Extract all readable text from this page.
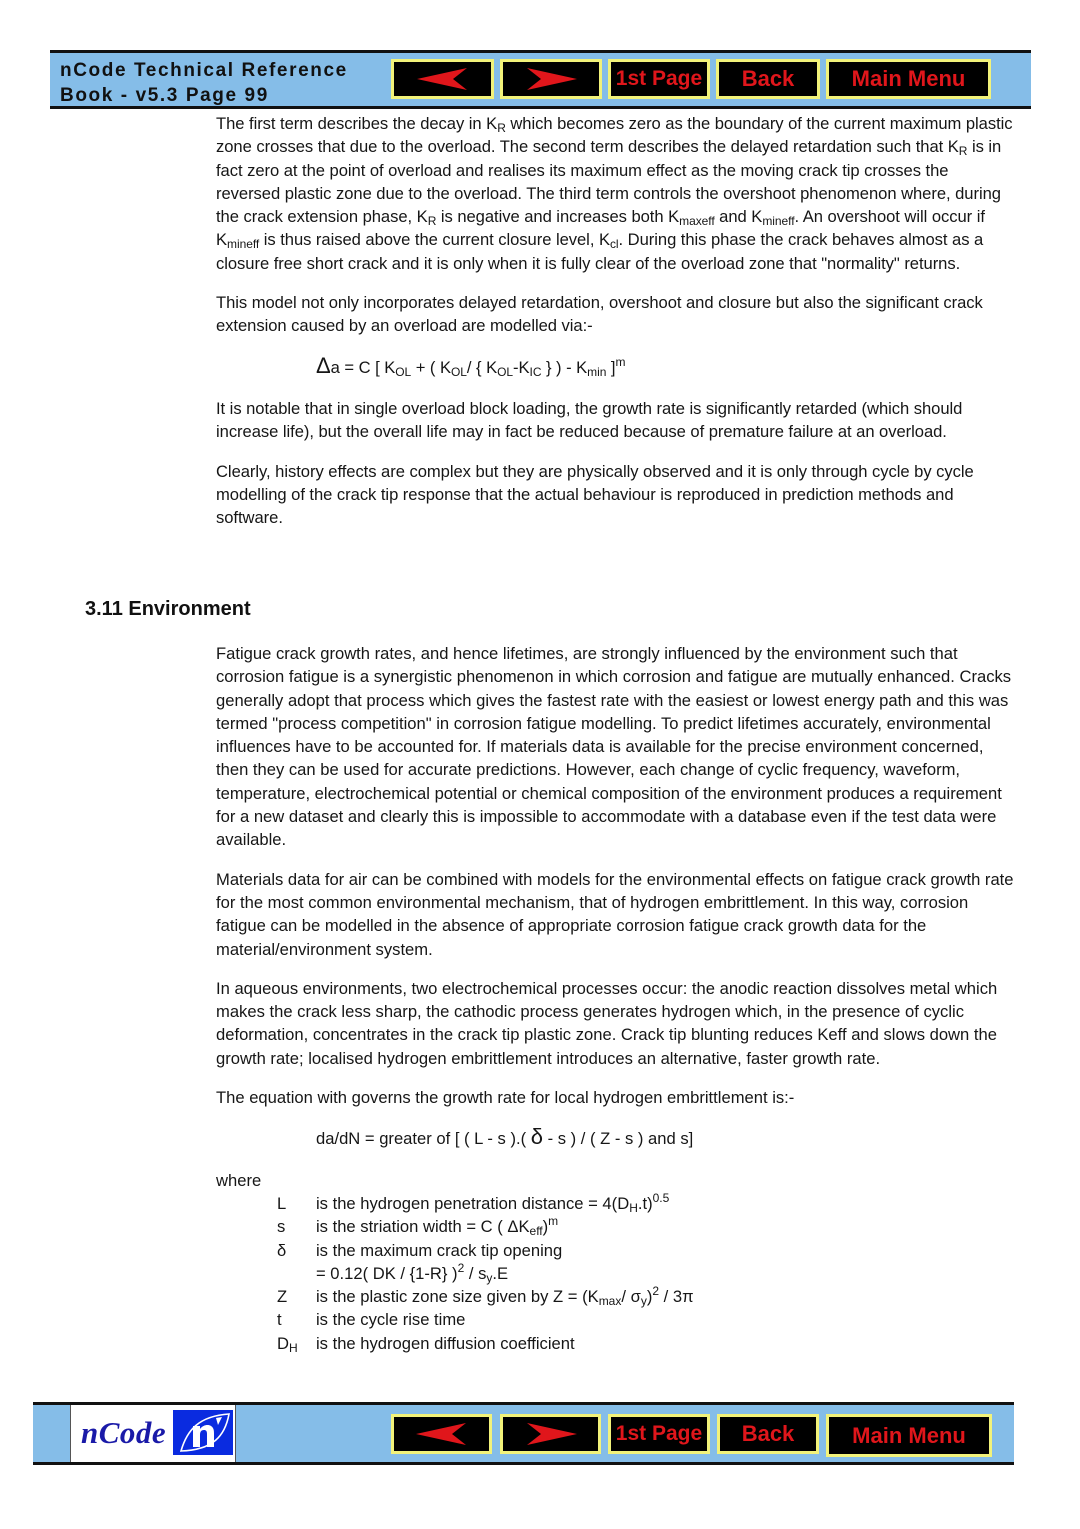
nCode Technical Reference
Book - v5.3 Page 99
1st Page	Back	Main Menu

The first term describes the decay in $K_R$ which becomes zero as the boundary of the current maximum plastic zone crosses that due to the overload. The second term describes the delayed retardation such that $K_R$ is in fact zero at the point of overload and realises its maximum effect as the moving crack tip crosses the reversed plastic zone due to the overload. The third term controls the overshoot phenomenon where, during the crack extension phase, $K_R$ is negative and increases both $K_{maxeff}$ and $K_{mineff}$. An overshoot will occur if $K_{mineff}$ is thus raised above the current closure level, $K_{cl}$. During this phase the crack behaves almost as a closure free short crack and it is only when it is fully clear of the overload zone that "normality" returns.

This model not only incorporates delayed retardation, overshoot and closure but also the significant crack extension caused by an overload are modelled via:-

Δa = C [ $K_{OL}$ + ( $K_{OL}/$ { $K_{OL}-K_{IC}$ } ) - $K_{min}$ ]$^m$

It is notable that in single overload block loading, the growth rate is significantly retarded (which should increase life), but the overall life may in fact be reduced because of premature failure at an overload.

Clearly, history effects are complex but they are physically observed and it is only through cycle by cycle modelling of the crack tip response that the actual behaviour is reproduced in prediction methods and software.

3.11 Environment

Fatigue crack growth rates, and hence lifetimes, are strongly influenced by the environment such that corrosion fatigue is a synergistic phenomenon in which corrosion and fatigue are mutually enhanced. Cracks generally adopt that process which gives the fastest rate with the easiest or lowest energy path and this was termed "process competition" in corrosion fatigue modelling. To predict lifetimes accurately, environmental influences have to be accounted for. If materials data is available for the precise environment concerned, then they can be used for accurate predictions. However, each change of cyclic frequency, waveform, temperature, electrochemical potential or chemical composition of the environment produces a requirement for a new dataset and clearly this is impossible to accommodate with a database even if the test data were available.

Materials data for air can be combined with models for the environmental effects on fatigue crack growth rate for the most common environmental mechanism, that of hydrogen embrittlement. In this way, corrosion fatigue can be modelled in the absence of appropriate corrosion fatigue crack growth data for the material/environment system.

In aqueous environments, two electrochemical processes occur: the anodic reaction dissolves metal which makes the crack less sharp, the cathodic process generates hydrogen which, in the presence of cyclic deformation, concentrates in the crack tip plastic zone. Crack tip blunting reduces Keff and slows down the growth rate; localised hydrogen embrittlement introduces an alternative, faster growth rate.

The equation with governs the growth rate for local hydrogen embrittlement is:-

da/dN = greater of [ ( L - s ).( δ - s ) / ( Z - s ) and s]
where
L is the hydrogen penetration distance = $4(D_H.t)^{0.5}$
s is the striation width = C ( $\Delta K_{eff})^m$
δ is the maximum crack tip opening
= 0.12( DK / {1-R} )$^2 / s_y.E$
Z is the plastic zone size given by $Z = (K_{max}/$ $\sigma_y)^2 / 3\pi$
t is the cycle rise time
$D_H$ is the hydrogen diffusion coefficient
nCode	1st Page	Back	Main Menu
